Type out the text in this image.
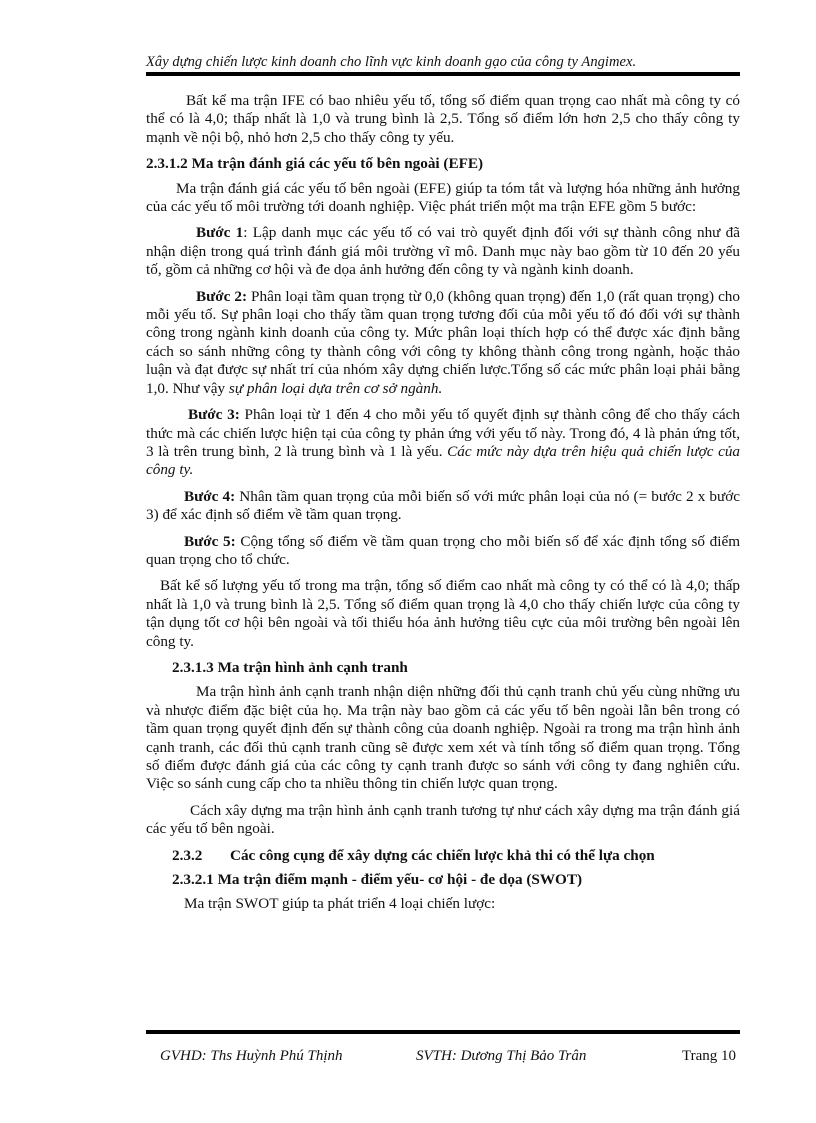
Xây dựng chiến lược kinh doanh cho lĩnh vực kinh doanh gạo của công ty Angimex.

Bất kể ma trận IFE có bao nhiêu yếu tố, tổng số điểm quan trọng cao nhất mà công ty có thể có là 4,0; thấp nhất là 1,0 và trung bình là 2,5. Tổng số điểm lớn hơn 2,5 cho thấy công ty mạnh về nội bộ, nhỏ hơn 2,5 cho thấy công ty yếu.

2.3.1.2 Ma trận đánh giá các yếu tố bên ngoài (EFE)

Ma trận đánh giá các yếu tố bên ngoài (EFE) giúp ta tóm tắt và lượng hóa những ảnh hưởng của các yếu tố môi trường tới doanh nghiệp. Việc phát triển một ma trận EFE gồm 5 bước:

Bước 1: Lập danh mục các yếu tố có vai trò quyết định đối với sự thành công như đã nhận diện trong quá trình đánh giá môi trường vĩ mô. Danh mục này bao gồm từ 10 đến 20 yếu tố, gồm cả những cơ hội và đe dọa ảnh hưởng đến công ty và ngành kinh doanh.

Bước 2: Phân loại tầm quan trọng từ 0,0 (không quan trọng) đến 1,0 (rất quan trọng) cho mỗi yếu tố. Sự phân loại cho thấy tầm quan trọng tương đối của mỗi yếu tố đó đối với sự thành công trong ngành kinh doanh của công ty. Mức phân loại thích hợp có thể được xác định bằng cách so sánh những công ty thành công với công ty không thành công trong ngành, hoặc thảo luận và đạt được sự nhất trí của nhóm xây dựng chiến lược.Tổng số các mức phân loại phải bằng 1,0. Như vậy sự phân loại dựa trên cơ sở ngành.

Bước 3: Phân loại từ 1 đến 4 cho mỗi yếu tố quyết định sự thành công để cho thấy cách thức mà các chiến lược hiện tại của công ty phản ứng với yếu tố này. Trong đó, 4 là phản ứng tốt, 3 là trên trung bình, 2 là trung bình và 1 là yếu. Các mức này dựa trên hiệu quả chiến lược của công ty.

Bước 4: Nhân tầm quan trọng của mỗi biến số với mức phân loại của nó (= bước 2 x bước 3) để xác định số điểm về tầm quan trọng.

Bước 5: Cộng tổng số điểm về tầm quan trọng cho mỗi biến số để xác định tổng số điểm quan trọng cho tổ chức.

Bất kể số lượng yếu tố trong ma trận, tổng số điểm cao nhất mà công ty có thể có là 4,0; thấp nhất là 1,0 và trung bình là 2,5. Tổng số điểm quan trọng là 4,0 cho thấy chiến lược của công ty tận dụng tốt cơ hội bên ngoài và tối thiểu hóa ảnh hưởng tiêu cực của môi trường bên ngoài lên công ty.

2.3.1.3 Ma trận hình ảnh cạnh tranh

Ma trận hình ảnh cạnh tranh nhận diện những đối thủ cạnh tranh chủ yếu cùng những ưu và nhược điểm đặc biệt của họ. Ma trận này bao gồm cả các yếu tố bên ngoài lẫn bên trong có tầm quan trọng quyết định đến sự thành công của doanh nghiệp. Ngoài ra trong ma trận hình ảnh cạnh tranh, các đối thủ cạnh tranh cũng sẽ được xem xét và tính tổng số điểm quan trọng. Tổng số điểm được đánh giá của các công ty cạnh tranh được so sánh với công ty đang nghiên cứu. Việc so sánh cung cấp cho ta nhiều thông tin chiến lược quan trọng.

Cách xây dựng ma trận hình ảnh cạnh tranh tương tự như cách xây dựng ma trận đánh giá các yếu tố bên ngoài.

2.3.2 Các công cụng để xây dựng các chiến lược khả thi có thể lựa chọn
2.3.2.1 Ma trận điểm mạnh - điểm yếu- cơ hội - đe dọa (SWOT)

Ma trận SWOT giúp ta phát triển 4 loại chiến lược:

GVHD: Ths Huỳnh Phú Thịnh	SVTH: Dương Thị Bảo Trân	Trang 10
